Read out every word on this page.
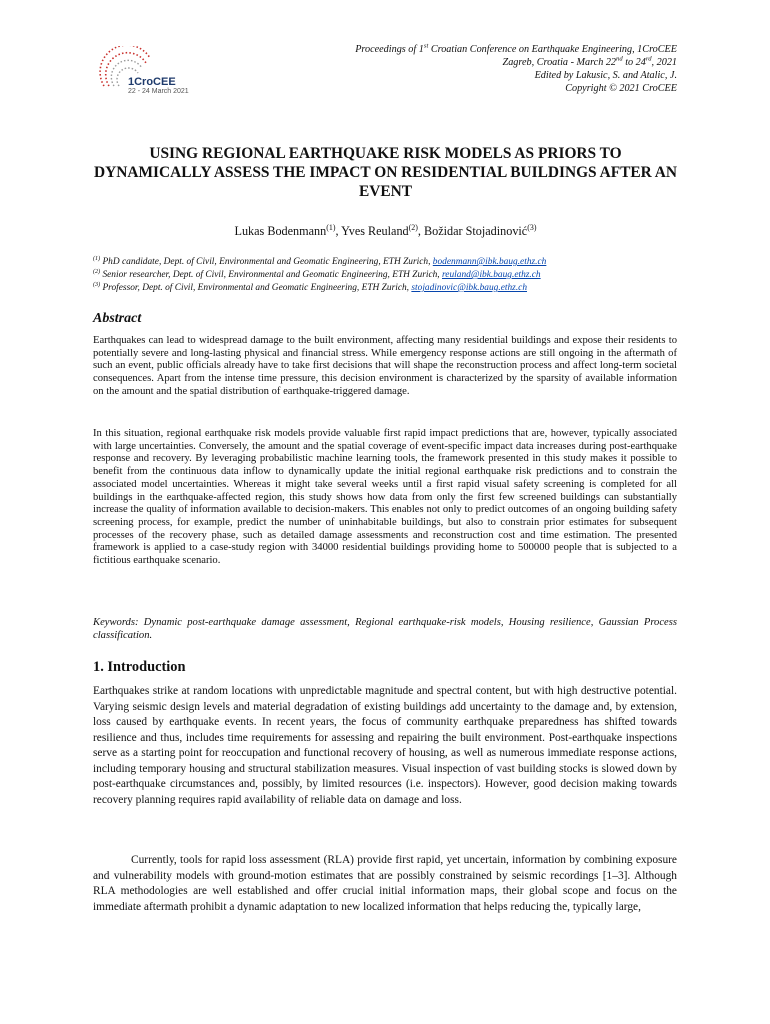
1CroCEE
22 - 24 March 2021
Proceedings of 1st Croatian Conference on Earthquake Engineering, 1CroCEE
Zagreb, Croatia - March 22nd to 24rd, 2021
Edited by Lakusic, S. and Atalic, J.
Copyright © 2021 CroCEE
USING REGIONAL EARTHQUAKE RISK MODELS AS PRIORS TO DYNAMICALLY ASSESS THE IMPACT ON RESIDENTIAL BUILDINGS AFTER AN EVENT
Lukas Bodenmann$^{(1)}$, Yves Reuland$^{(2)}$, Božidar Stojadinović$^{(3)}$
$^{(1)}$ PhD candidate, Dept. of Civil, Environmental and Geomatic Engineering, ETH Zurich, bodenmann@ibk.baug.ethz.ch
$^{(2)}$ Senior researcher, Dept. of Civil, Environmental and Geomatic Engineering, ETH Zurich, reuland@ibk.baug.ethz.ch
$^{(3)}$ Professor, Dept. of Civil, Environmental and Geomatic Engineering, ETH Zurich, stojadinovic@ibk.baug.ethz.ch
Abstract
Earthquakes can lead to widespread damage to the built environment, affecting many residential buildings and expose their residents to potentially severe and long-lasting physical and financial stress. While emergency response actions are still ongoing in the aftermath of such an event, public officials already have to take first decisions that will shape the reconstruction process and affect long-term societal consequences. Apart from the intense time pressure, this decision environment is characterized by the sparsity of available information on the amount and the spatial distribution of earthquake-triggered damage.
In this situation, regional earthquake risk models provide valuable first rapid impact predictions that are, however, typically associated with large uncertainties. Conversely, the amount and the spatial coverage of event-specific impact data increases during post-earthquake response and recovery. By leveraging probabilistic machine learning tools, the framework presented in this study makes it possible to benefit from the continuous data inflow to dynamically update the initial regional earthquake risk predictions and to constrain the associated model uncertainties. Whereas it might take several weeks until a first rapid visual safety screening is completed for all buildings in the earthquake-affected region, this study shows how data from only the first few screened buildings can substantially increase the quality of information available to decision-makers. This enables not only to predict outcomes of an ongoing building safety screening process, for example, predict the number of uninhabitable buildings, but also to constrain prior estimates for subsequent processes of the recovery phase, such as detailed damage assessments and reconstruction cost and time estimation. The presented framework is applied to a case-study region with 34000 residential buildings providing home to 500000 people that is subjected to a fictitious earthquake scenario.
Keywords: Dynamic post-earthquake damage assessment, Regional earthquake-risk models, Housing resilience, Gaussian Process classification.
1. Introduction
Earthquakes strike at random locations with unpredictable magnitude and spectral content, but with high destructive potential. Varying seismic design levels and material degradation of existing buildings add uncertainty to the damage and, by extension, loss caused by earthquake events. In recent years, the focus of community earthquake preparedness has shifted towards resilience and thus, includes time requirements for assessing and repairing the built environment. Post-earthquake inspections serve as a starting point for reoccupation and functional recovery of housing, as well as numerous immediate response actions, including temporary housing and structural stabilization measures. Visual inspection of vast building stocks is slowed down by post-earthquake circumstances and, possibly, by limited resources (i.e. inspectors). However, good decision making towards recovery planning requires rapid availability of reliable data on damage and loss.
Currently, tools for rapid loss assessment (RLA) provide first rapid, yet uncertain, information by combining exposure and vulnerability models with ground-motion estimates that are possibly constrained by seismic recordings [1–3]. Although RLA methodologies are well established and offer crucial initial information maps, their global scope and focus on the immediate aftermath prohibit a dynamic adaptation to new localized information that helps reducing the, typically large,
